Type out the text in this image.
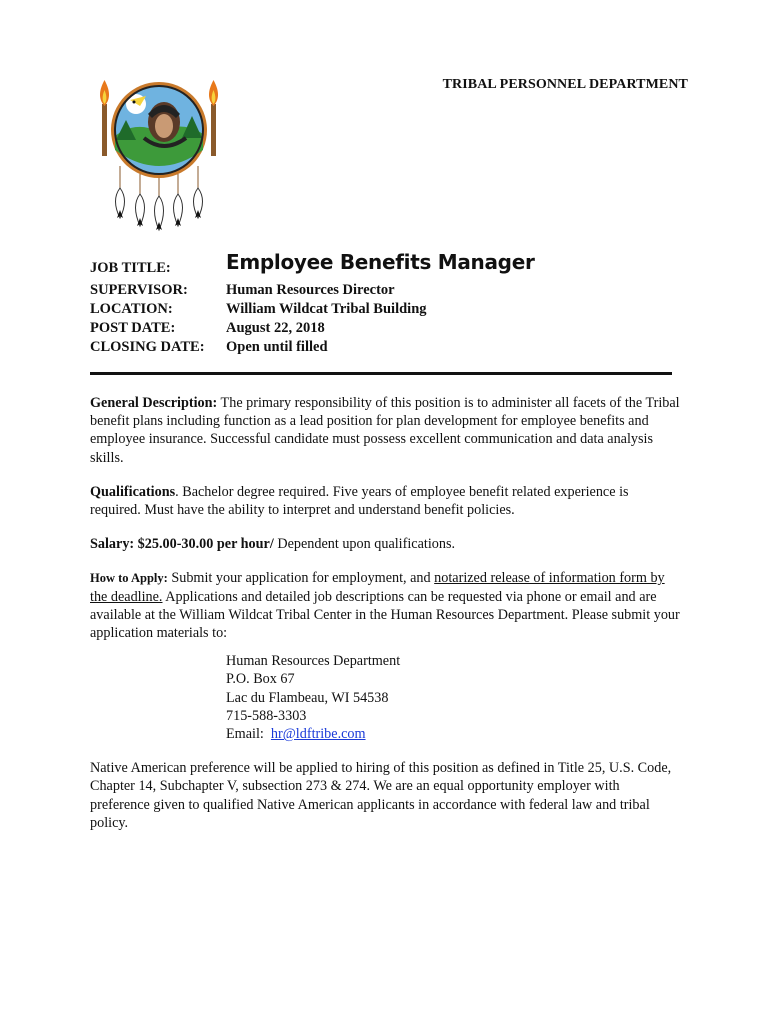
TRIBAL PERSONNEL DEPARTMENT
JOB TITLE:	Employee Benefits Manager
SUPERVISOR:	Human Resources Director
LOCATION:	William Wildcat Tribal Building
POST DATE:	August 22, 2018
CLOSING DATE: Open until filled

General Description: The primary responsibility of this position is to administer all facets of the Tribal benefit plans including function as a lead position for plan development for employee benefits and employee insurance. Successful candidate must possess excellent communication and data analysis skills.

Qualifications. Bachelor degree required. Five years of employee benefit related experience is required. Must have the ability to interpret and understand benefit policies.

Salary: $25.00-30.00 per hour/ Dependent upon qualifications.

How to Apply: Submit your application for employment, and notarized release of information form by the deadline. Applications and detailed job descriptions can be requested via phone or email and are available at the William Wildcat Tribal Center in the Human Resources Department. Please submit your application materials to:

Human Resources Department
P.O. Box 67
Lac du Flambeau, WI 54538
715-588-3303
Email:  hr@ldftribe.com

Native American preference will be applied to hiring of this position as defined in Title 25, U.S. Code, Chapter 14, Subchapter V, subsection 273 & 274. We are an equal opportunity employer with preference given to qualified Native American applicants in accordance with federal law and tribal policy.
